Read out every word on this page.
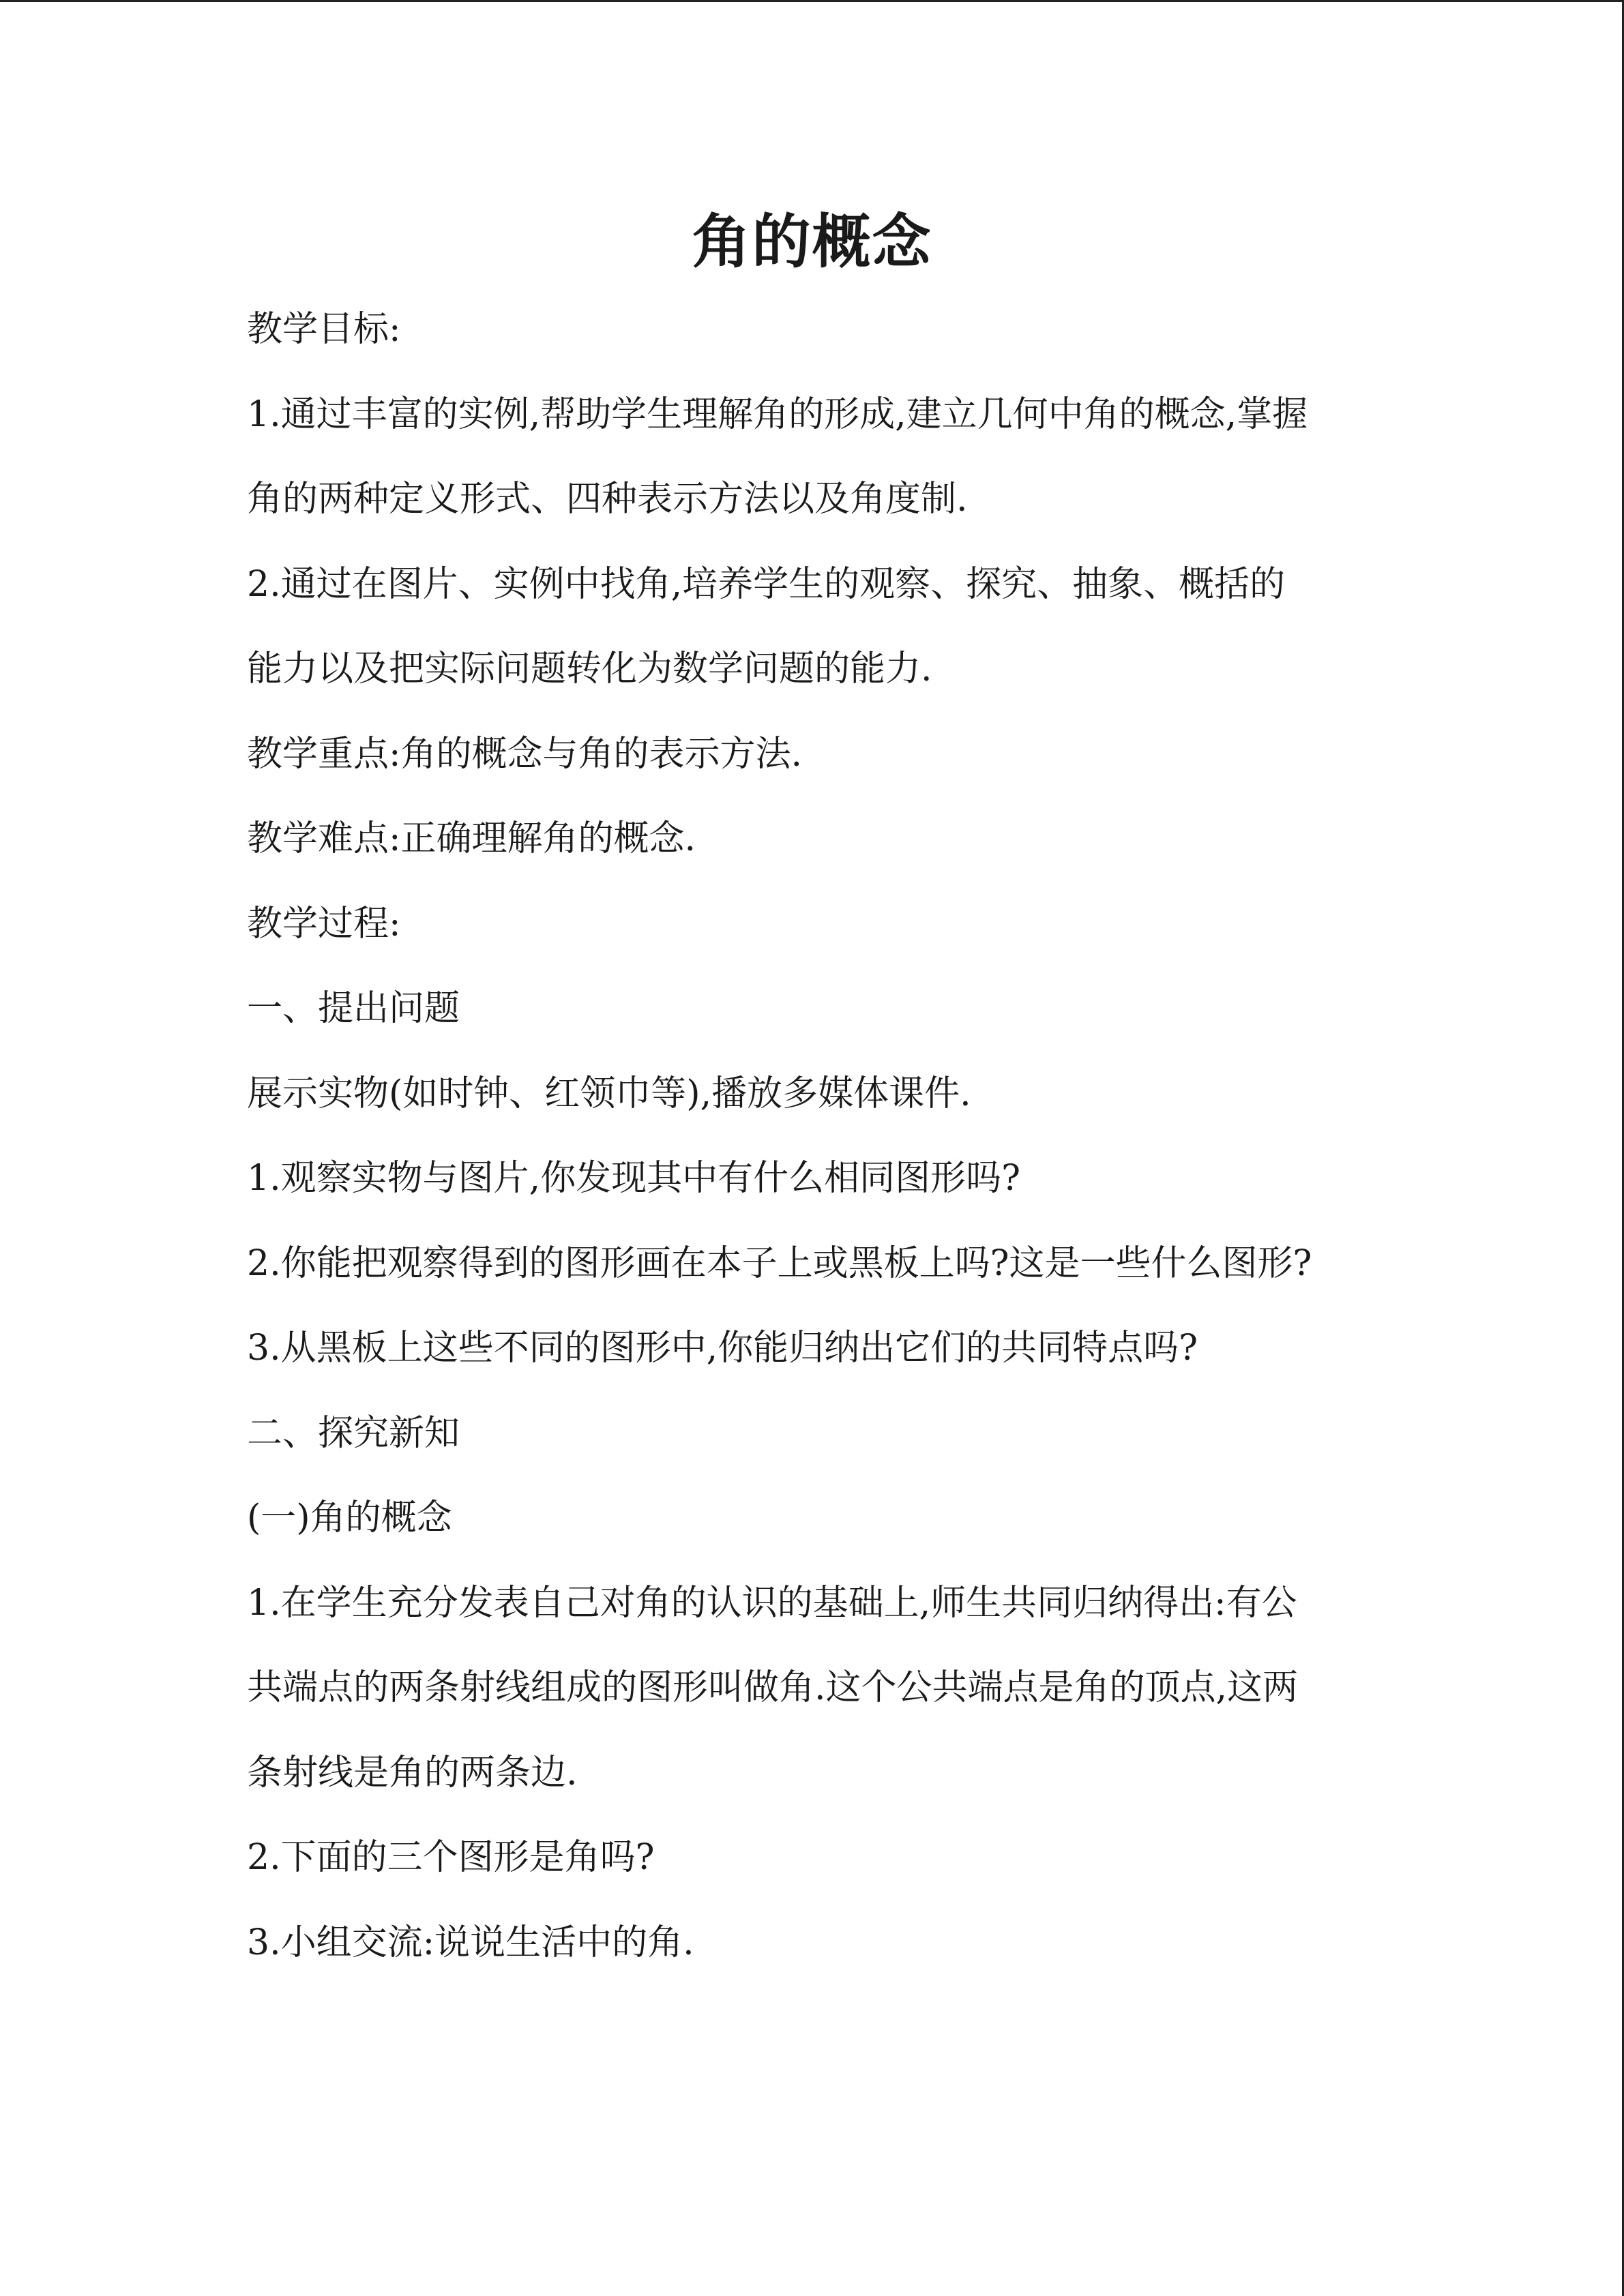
角的概念

教学目标:

1.通过丰富的实例,帮助学生理解角的形成,建立几何中角的概念,掌握

角的两种定义形式、四种表示方法以及角度制.

2.通过在图片、实例中找角,培养学生的观察、探究、抽象、概括的

能力以及把实际问题转化为数学问题的能力.

教学重点:角的概念与角的表示方法.

教学难点:正确理解角的概念.

教学过程:

一、提出问题

展示实物(如时钟、红领巾等),播放多媒体课件.

1.观察实物与图片,你发现其中有什么相同图形吗?

2.你能把观察得到的图形画在本子上或黑板上吗?这是一些什么图形?

3.从黑板上这些不同的图形中,你能归纳出它们的共同特点吗?

二、探究新知

(一)角的概念

1.在学生充分发表自己对角的认识的基础上,师生共同归纳得出:有公

共端点的两条射线组成的图形叫做角.这个公共端点是角的顶点,这两

条射线是角的两条边.

2.下面的三个图形是角吗?

3.小组交流:说说生活中的角.
